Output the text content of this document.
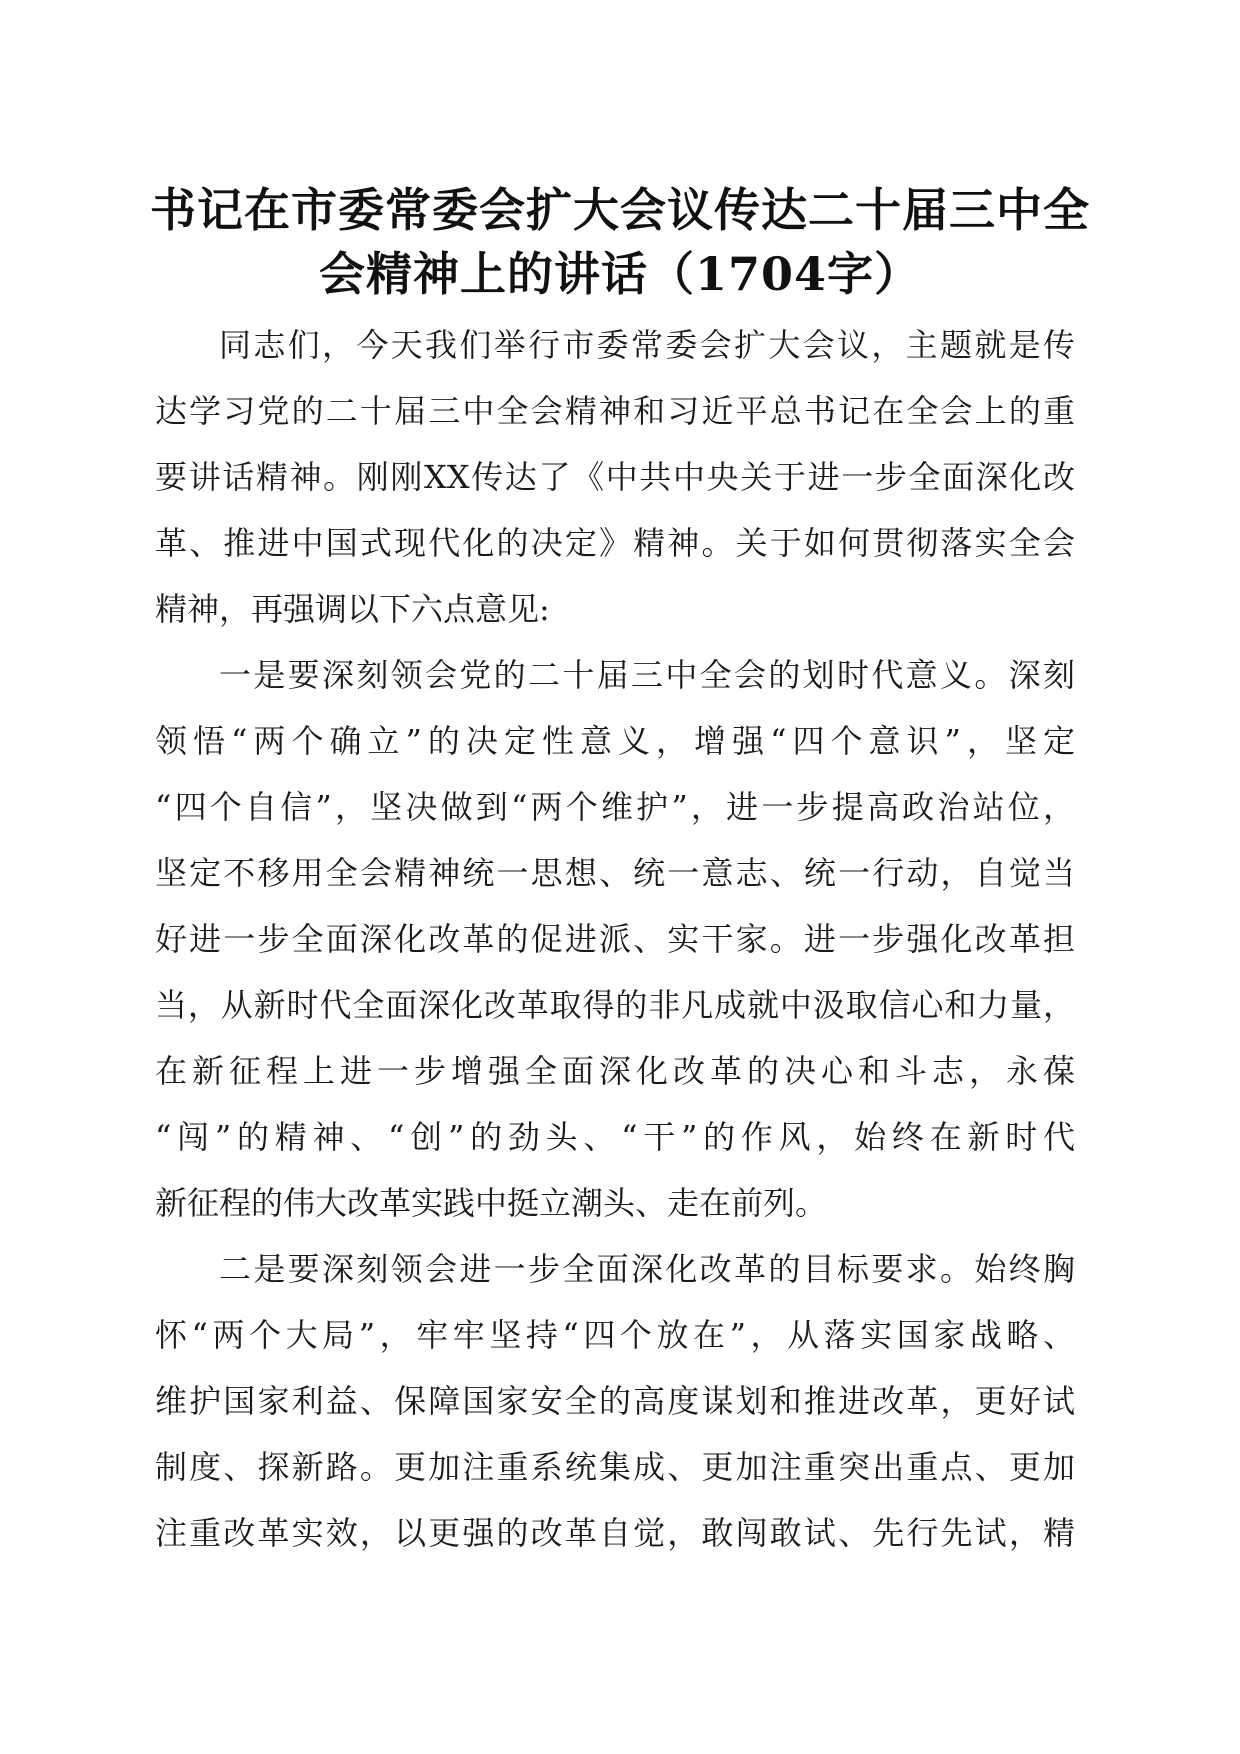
书记在市委常委会扩大会议传达二十届三中全
会精神上的讲话（1704字）

同志们，今天我们举行市委常委会扩大会议，主题就是传
达学习党的二十届三中全会精神和习近平总书记在全会上的重
要讲话精神。刚刚XX传达了《中共中央关于进一步全面深化改
革、推进中国式现代化的决定》精神。关于如何贯彻落实全会
精神，再强调以下六点意见:

一是要深刻领会党的二十届三中全会的划时代意义。深刻
领悟“两个确立”的决定性意义，增强“四个意识”，坚定
“四个自信”，坚决做到“两个维护”，进一步提高政治站位，
坚定不移用全会精神统一思想、统一意志、统一行动，自觉当
好进一步全面深化改革的促进派、实干家。进一步强化改革担
当，从新时代全面深化改革取得的非凡成就中汲取信心和力量，
在新征程上进一步增强全面深化改革的决心和斗志，永葆
“闯”的精神、“创”的劲头、“干”的作风，始终在新时代
新征程的伟大改革实践中挺立潮头、走在前列。

二是要深刻领会进一步全面深化改革的目标要求。始终胸
怀“两个大局”，牢牢坚持“四个放在”，从落实国家战略、
维护国家利益、保障国家安全的高度谋划和推进改革，更好试
制度、探新路。更加注重系统集成、更加注重突出重点、更加
注重改革实效，以更强的改革自觉，敢闯敢试、先行先试，精
